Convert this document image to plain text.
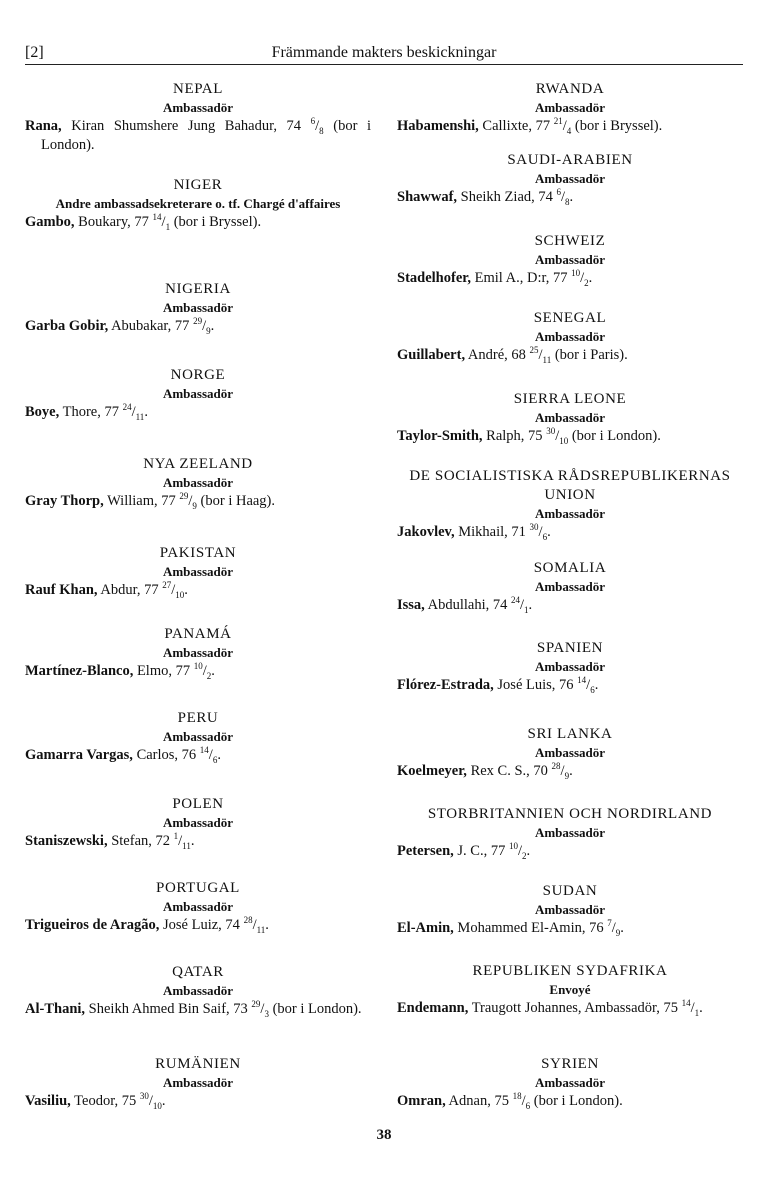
[2]	Främmande makters beskickningar
NEPAL
Ambassadör
Rana, Kiran Shumshere Jung Bahadur, 74 $^6/_8$ (bor i London).
NIGER
Andre ambassadsekreterare o. tf. Chargé d'affaires
Gambo, Boukary, 77 $^{14}/_1$ (bor i Bryssel).
NIGERIA
Ambassadör
Garba Gobir, Abubakar, 77 $^{29}/_9$.
NORGE
Ambassadör
Boye, Thore, 77 $^{24}/_{11}$.
NYA ZEELAND
Ambassadör
Gray Thorp, William, 77 $^{29}/_9$ (bor i Haag).
PAKISTAN
Ambassadör
Rauf Khan, Abdur, 77 $^{27}/_{10}$.
PANAMÁ
Ambassadör
Martínez-Blanco, Elmo, 77 $^{10}/_2$.
PERU
Ambassadör
Gamarra Vargas, Carlos, 76 $^{14}/_6$.
POLEN
Ambassadör
Staniszewski, Stefan, 72 $^1/_{11}$.
PORTUGAL
Ambassadör
Trigueiros de Aragão, José Luiz, 74 $^{28}/_{11}$.
QATAR
Ambassadör
Al-Thani, Sheikh Ahmed Bin Saif, 73 $^{29}/_3$ (bor i London).
RUMÄNIEN
Ambassadör
Vasiliu, Teodor, 75 $^{30}/_{10}$.
RWANDA
Ambassadör
Habamenshi, Callixte, 77 $^{21}/_4$ (bor i Bryssel).
SAUDI-ARABIEN
Ambassadör
Shawwaf, Sheikh Ziad, 74 $^6/_8$.
SCHWEIZ
Ambassadör
Stadelhofer, Emil A., D:r, 77 $^{10}/_2$.
SENEGAL
Ambassadör
Guillabert, André, 68 $^{25}/_{11}$ (bor i Paris).
SIERRA LEONE
Ambassadör
Taylor-Smith, Ralph, 75 $^{30}/_{10}$ (bor i London).
DE SOCIALISTISKA RÅDSREPUBLIKERNAS UNION
Ambassadör
Jakovlev, Mikhail, 71 $^{30}/_6$.
SOMALIA
Ambassadör
Issa, Abdullahi, 74 $^{24}/_1$.
SPANIEN
Ambassadör
Flórez-Estrada, José Luis, 76 $^{14}/_6$.
SRI LANKA
Ambassadör
Koelmeyer, Rex C. S., 70 $^{28}/_9$.
STORBRITANNIEN OCH NORDIRLAND
Ambassadör
Petersen, J. C., 77 $^{10}/_2$.
SUDAN
Ambassadör
El-Amin, Mohammed El-Amin, 76 $^7/_9$.
REPUBLIKEN SYDAFRIKA
Envoyé
Endemann, Traugott Johannes, Ambassadör, 75 $^{14}/_1$.
SYRIEN
Ambassadör
Omran, Adnan, 75 $^{18}/_6$ (bor i London).
38
